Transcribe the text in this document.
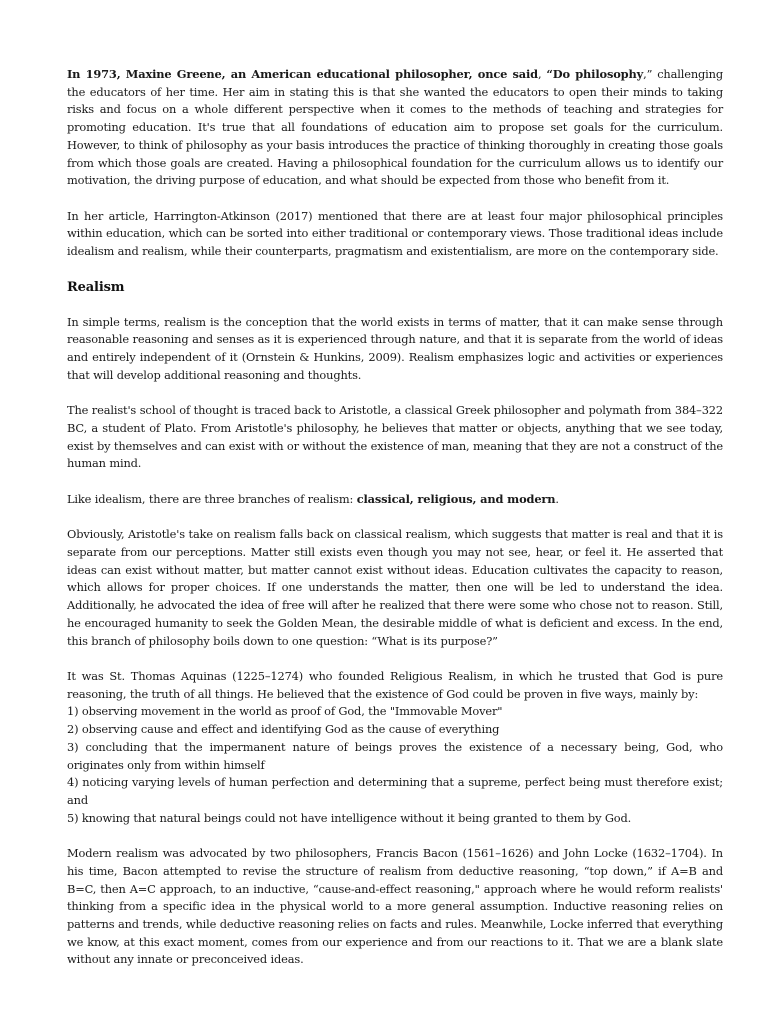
In 1973, Maxine Greene, an American educational philosopher, once said, “Do philosophy,” challenging the educators of her time. Her aim in stating this is that she wanted the educators to open their minds to taking risks and focus on a whole different perspective when it comes to the methods of teaching and strategies for promoting education. It's true that all foundations of education aim to propose set goals for the curriculum. However, to think of philosophy as your basis introduces the practice of thinking thoroughly in creating those goals from which those goals are created. Having a philosophical foundation for the curriculum allows us to identify our motivation, the driving purpose of education, and what should be expected from those who benefit from it.

In her article, Harrington-Atkinson (2017) mentioned that there are at least four major philosophical principles within education, which can be sorted into either traditional or contemporary views. Those traditional ideas include idealism and realism, while their counterparts, pragmatism and existentialism, are more on the contemporary side.

Realism

In simple terms, realism is the conception that the world exists in terms of matter, that it can make sense through reasonable reasoning and senses as it is experienced through nature, and that it is separate from the world of ideas and entirely independent of it (Ornstein & Hunkins, 2009). Realism emphasizes logic and activities or experiences that will develop additional reasoning and thoughts.

The realist's school of thought is traced back to Aristotle, a classical Greek philosopher and polymath from 384–322 BC, a student of Plato. From Aristotle's philosophy, he believes that matter or objects, anything that we see today, exist by themselves and can exist with or without the existence of man, meaning that they are not a construct of the human mind.

Like idealism, there are three branches of realism: classical, religious, and modern.

Obviously, Aristotle's take on realism falls back on classical realism, which suggests that matter is real and that it is separate from our perceptions. Matter still exists even though you may not see, hear, or feel it. He asserted that ideas can exist without matter, but matter cannot exist without ideas. Education cultivates the capacity to reason, which allows for proper choices. If one understands the matter, then one will be led to understand the idea. Additionally, he advocated the idea of free will after he realized that there were some who chose not to reason. Still, he encouraged humanity to seek the Golden Mean, the desirable middle of what is deficient and excess. In the end, this branch of philosophy boils down to one question: “What is its purpose?”

It was St. Thomas Aquinas (1225–1274) who founded Religious Realism, in which he trusted that God is pure reasoning, the truth of all things. He believed that the existence of God could be proven in five ways, mainly by:
1) observing movement in the world as proof of God, the "Immovable Mover"
2) observing cause and effect and identifying God as the cause of everything
3) concluding that the impermanent nature of beings proves the existence of a necessary being, God, who originates only from within himself
4) noticing varying levels of human perfection and determining that a supreme, perfect being must therefore exist; and
5) knowing that natural beings could not have intelligence without it being granted to them by God.

Modern realism was advocated by two philosophers, Francis Bacon (1561–1626) and John Locke (1632–1704). In his time, Bacon attempted to revise the structure of realism from deductive reasoning, “top down,” if A=B and B=C, then A=C approach, to an inductive, “cause-and-effect reasoning," approach where he would reform realists' thinking from a specific idea in the physical world to a more general assumption. Inductive reasoning relies on patterns and trends, while deductive reasoning relies on facts and rules. Meanwhile, Locke inferred that everything we know, at this exact moment, comes from our experience and from our reactions to it. That we are a blank slate without any innate or preconceived ideas.
